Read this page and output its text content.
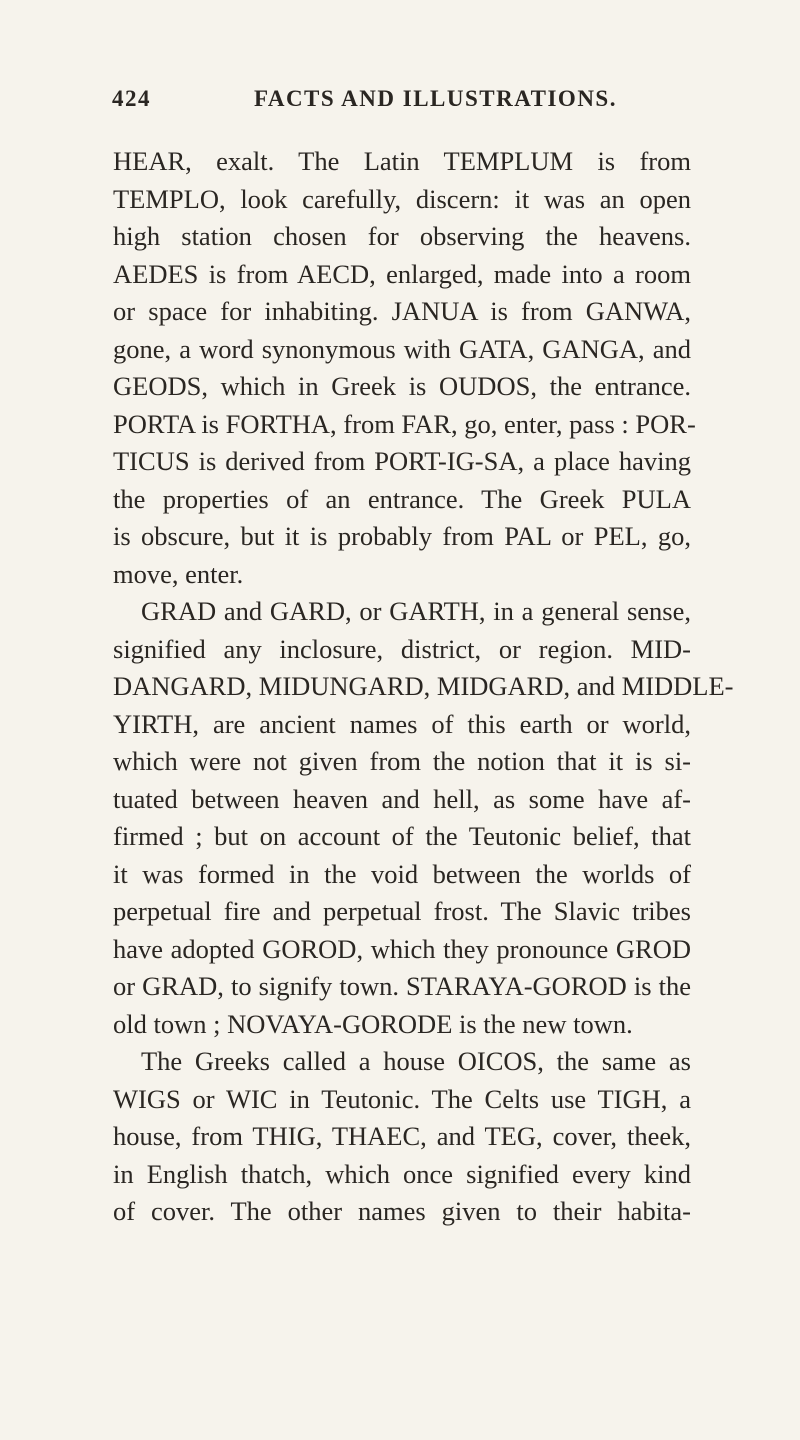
424	FACTS AND ILLUSTRATIONS.
HEAR, exalt. The Latin TEMPLUM is from
TEMPLO, look carefully, discern: it was an open
high station chosen for observing the heavens.
AEDES is from AECD, enlarged, made into a room
or space for inhabiting. JANUA is from GANWA,
gone, a word synonymous with GATA, GANGA, and
GEODS, which in Greek is OUDOS, the entrance.
PORTA is FORTHA, from FAR, go, enter, pass : POR-
TICUS is derived from PORT-IG-SA, a place having
the properties of an entrance. The Greek PULA
is obscure, but it is probably from PAL or PEL, go,
move, enter.
GRAD and GARD, or GARTH, in a general sense,
signified any inclosure, district, or region. MID-
DANGARD, MIDUNGARD, MIDGARD, and MIDDLE-
YIRTH, are ancient names of this earth or world,
which were not given from the notion that it is si-
tuated between heaven and hell, as some have af-
firmed ; but on account of the Teutonic belief, that
it was formed in the void between the worlds of
perpetual fire and perpetual frost. The Slavic tribes
have adopted GOROD, which they pronounce GROD
or GRAD, to signify town. STARAYA-GOROD is the
old town ; NOVAYA-GORODE is the new town.
The Greeks called a house OICOS, the same as
WIGS or WIC in Teutonic. The Celts use TIGH, a
house, from THIG, THAEC, and TEG, cover, theek,
in English thatch, which once signified every kind
of cover. The other names given to their habita-
